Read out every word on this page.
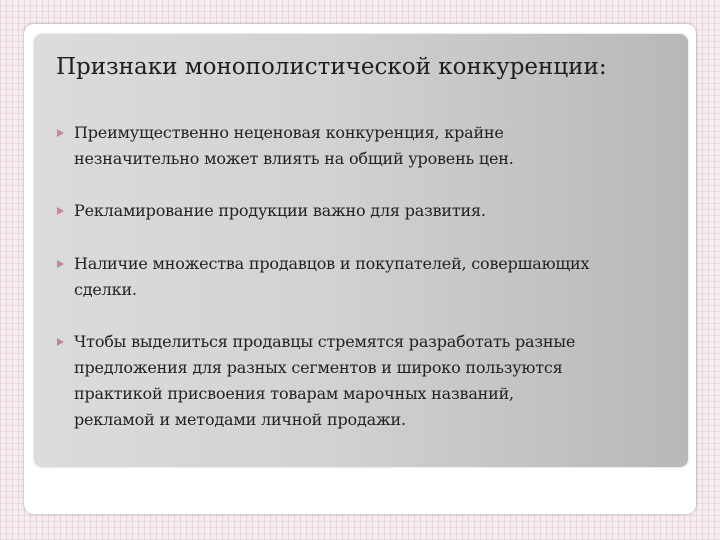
Признаки монополистической конкуренции:
Преимущественно неценовая конкуренция, крайне
незначительно может влиять на общий уровень цен.
Рекламирование продукции важно для развития.
Наличие множества продавцов и покупателей, совершающих
сделки.
Чтобы выделиться продавцы стремятся разработать разные
предложения для разных сегментов и широко пользуются
практикой присвоения товарам марочных названий,
рекламой и методами личной продажи.
